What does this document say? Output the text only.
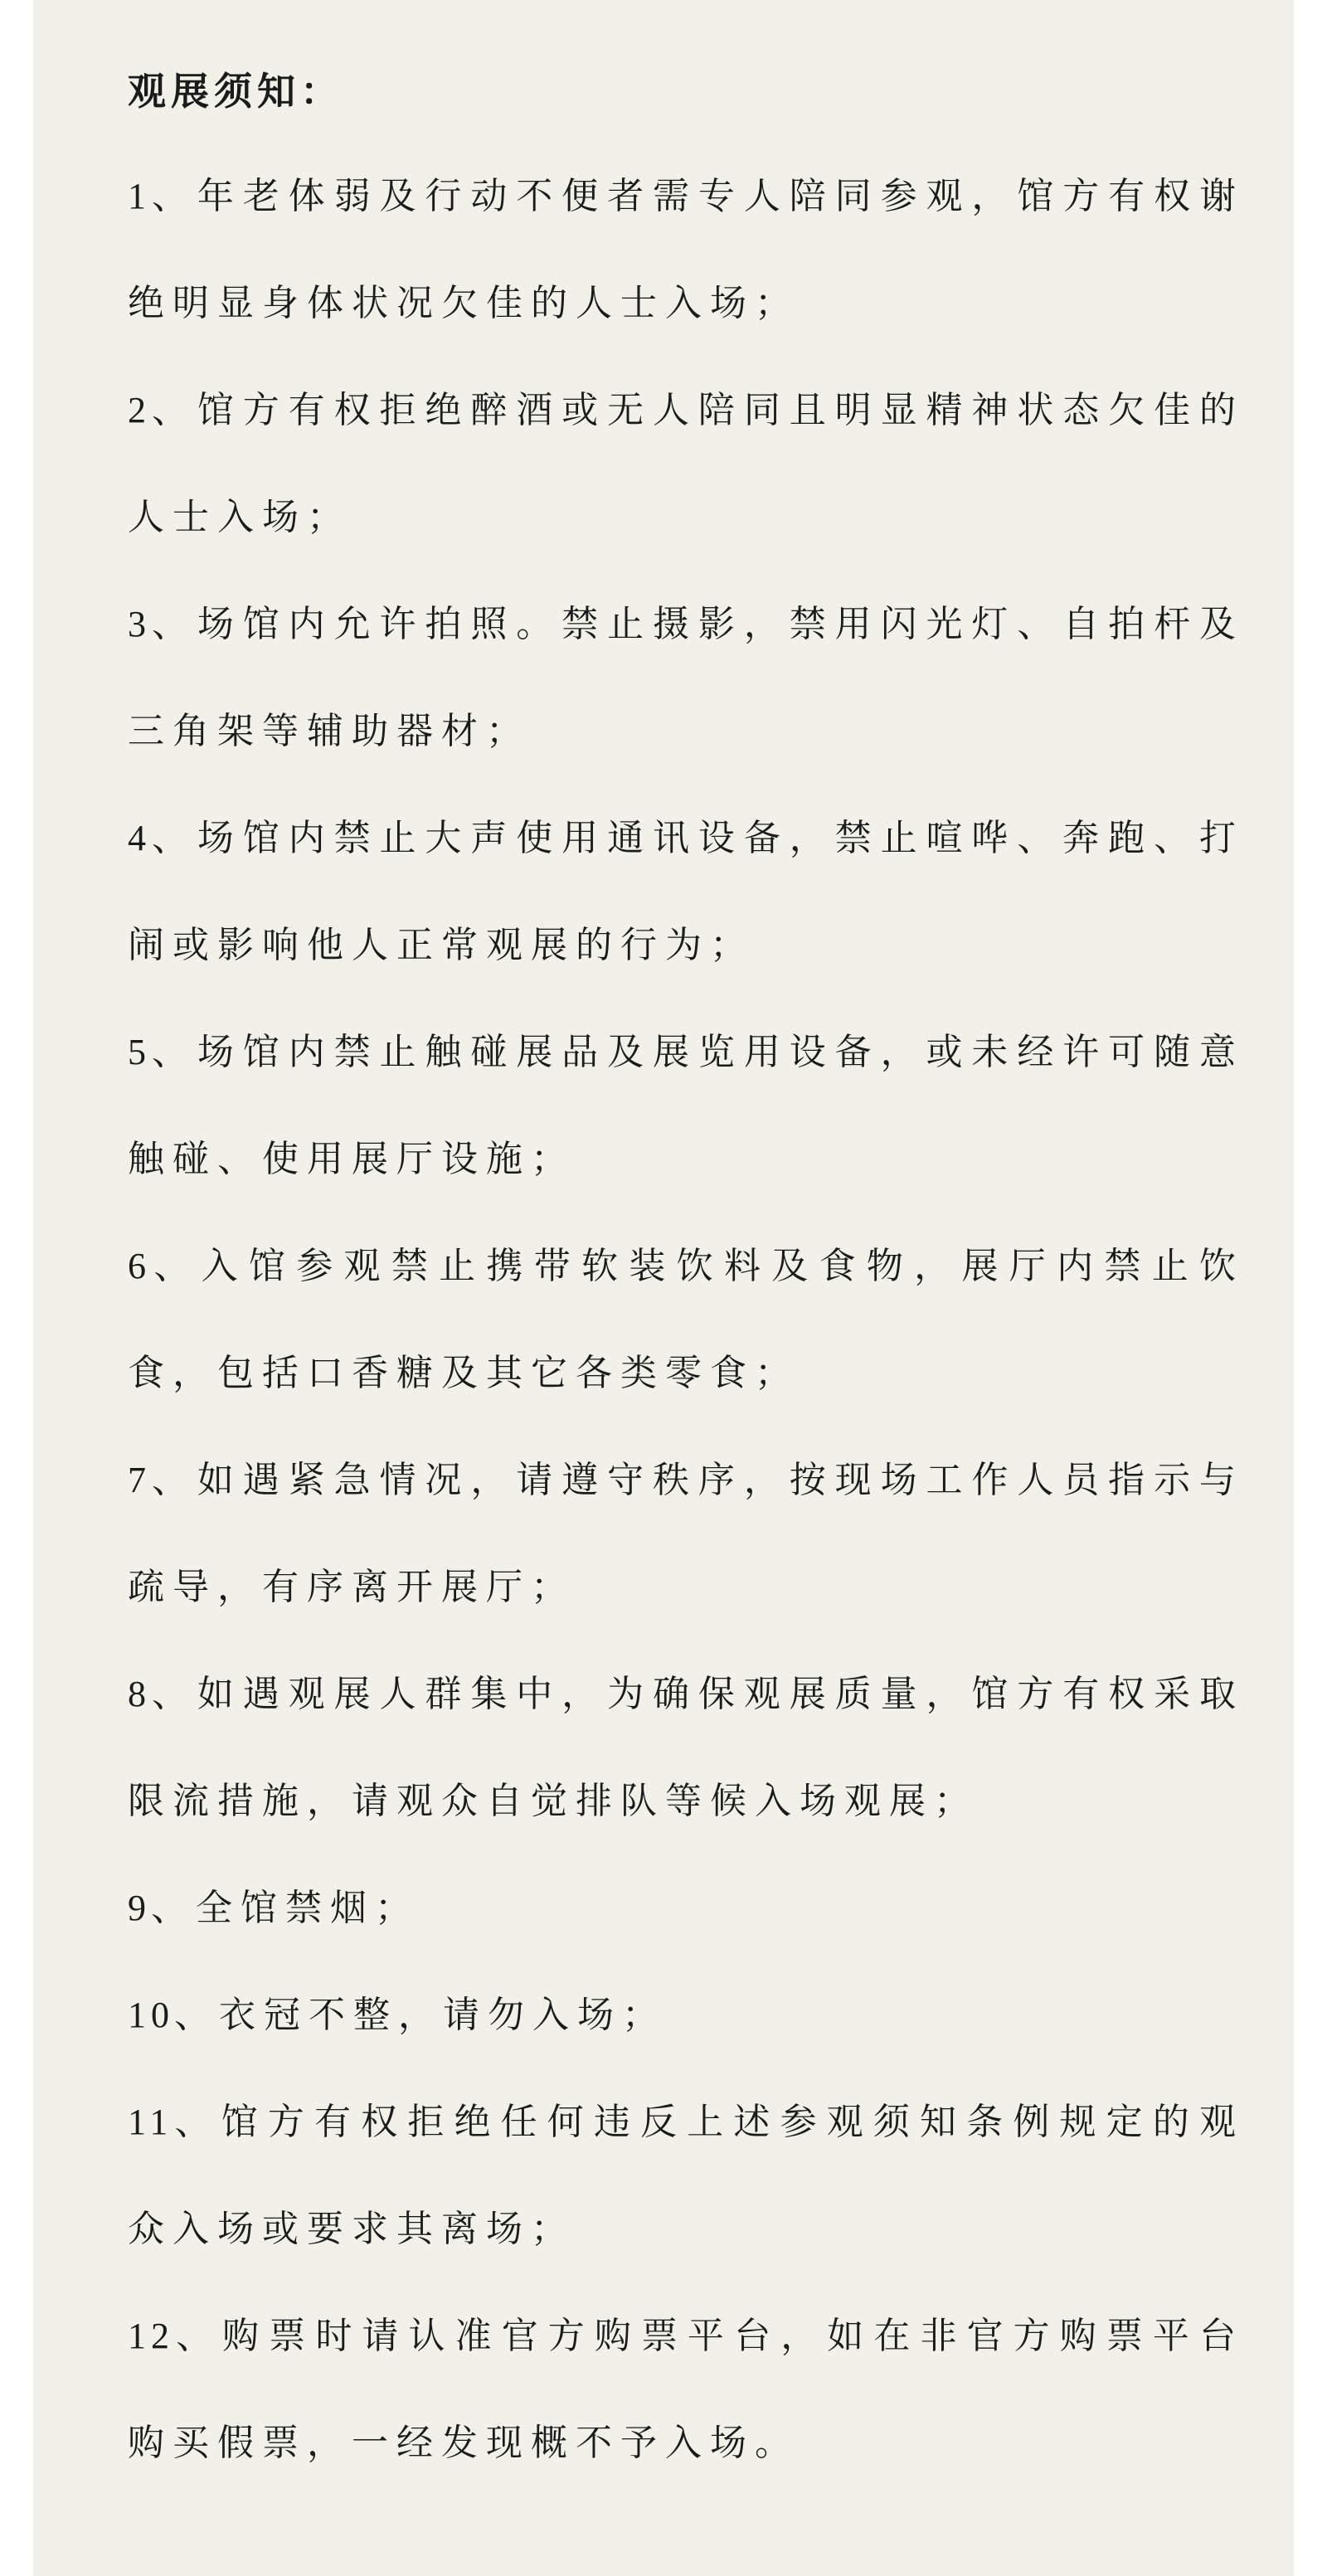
观展须知：

1、年老体弱及行动不便者需专人陪同参观，馆方有权谢绝明显身体状况欠佳的人士入场；

2、馆方有权拒绝醉酒或无人陪同且明显精神状态欠佳的人士入场；

3、场馆内允许拍照。禁止摄影，禁用闪光灯、自拍杆及三角架等辅助器材；

4、场馆内禁止大声使用通讯设备，禁止喧哗、奔跑、打闹或影响他人正常观展的行为；

5、场馆内禁止触碰展品及展览用设备，或未经许可随意触碰、使用展厅设施；

6、入馆参观禁止携带软装饮料及食物，展厅内禁止饮食，包括口香糖及其它各类零食；

7、如遇紧急情况，请遵守秩序，按现场工作人员指示与疏导，有序离开展厅；

8、如遇观展人群集中，为确保观展质量，馆方有权采取限流措施，请观众自觉排队等候入场观展；

9、全馆禁烟；

10、衣冠不整，请勿入场；

11、馆方有权拒绝任何违反上述参观须知条例规定的观众入场或要求其离场；

12、购票时请认准官方购票平台，如在非官方购票平台购买假票，一经发现概不予入场。
